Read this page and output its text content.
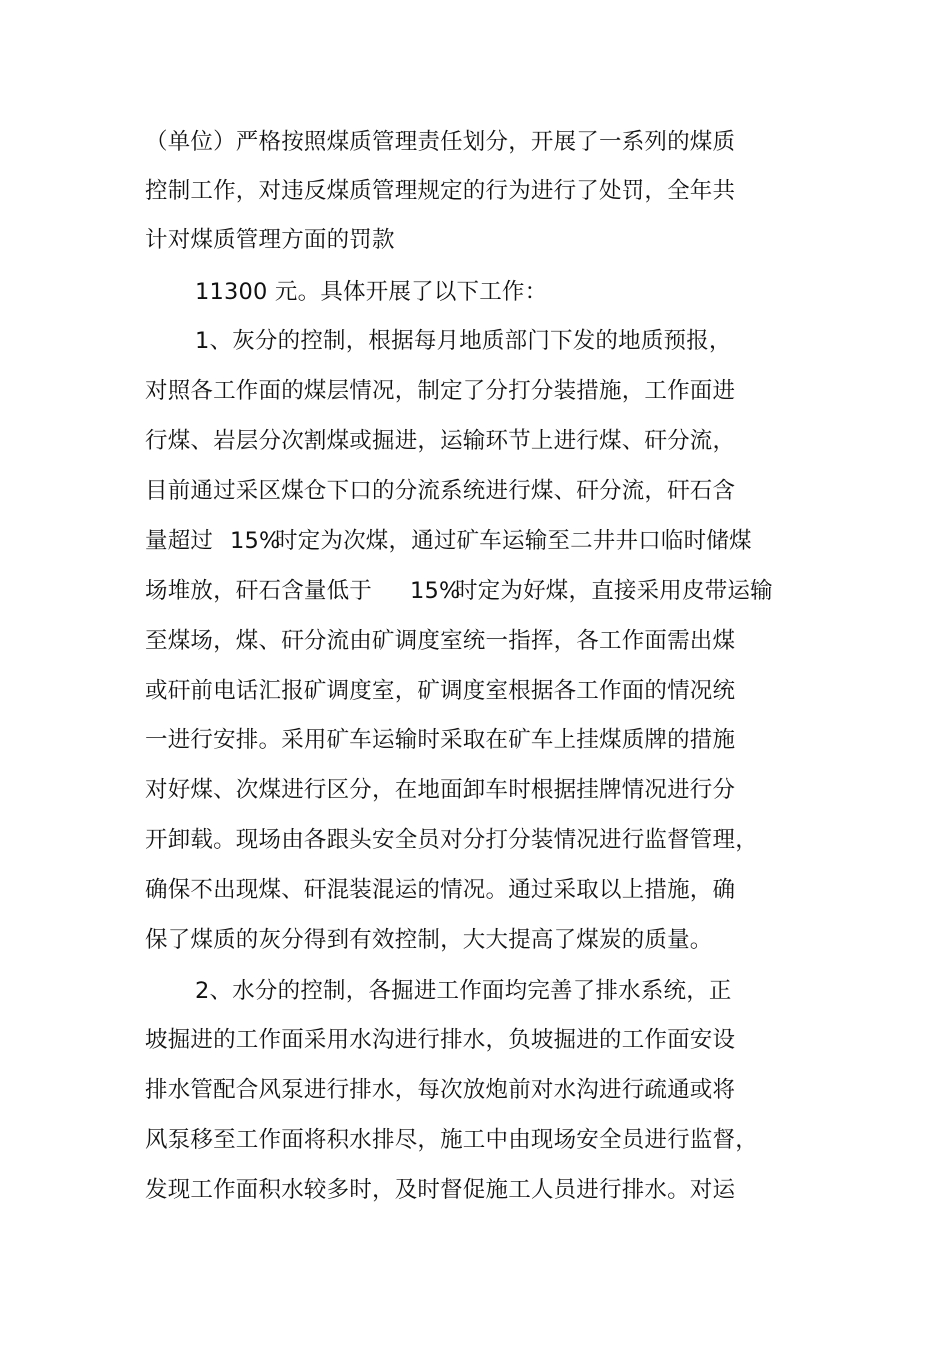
（单位）严格按照煤质管理责任划分，开展了一系列的煤质
控制工作，对违反煤质管理规定的行为进行了处罚，全年共
计对煤质管理方面的罚款
11300 元。具体开展了以下工作：
1、灰分的控制，根据每月地质部门下发的地质预报，
对照各工作面的煤层情况，制定了分打分装措施，工作面进
行煤、岩层分次割煤或掘进，运输环节上进行煤、矸分流，
目前通过采区煤仓下口的分流系统进行煤、矸分流，矸石含
量超过 15%
时定为次煤，通过矿车运输至二井井口临时储煤
场堆放，矸石含量低于 15%
时定为好煤，直接采用皮带运输
至煤场，煤、矸分流由矿调度室统一指挥，各工作面需出煤
或矸前电话汇报矿调度室，矿调度室根据各工作面的情况统
一进行安排。采用矿车运输时采取在矿车上挂煤质牌的措施
对好煤、次煤进行区分，在地面卸车时根据挂牌情况进行分
开卸载。现场由各跟头安全员对分打分装情况进行监督管理，
确保不出现煤、矸混装混运的情况。通过采取以上措施，确
保了煤质的灰分得到有效控制，大大提高了煤炭的质量。
2、水分的控制，各掘进工作面均完善了排水系统，正
坡掘进的工作面采用水沟进行排水，负坡掘进的工作面安设
排水管配合风泵进行排水，每次放炮前对水沟进行疏通或将
风泵移至工作面将积水排尽，施工中由现场安全员进行监督，
发现工作面积水较多时，及时督促施工人员进行排水。对运
